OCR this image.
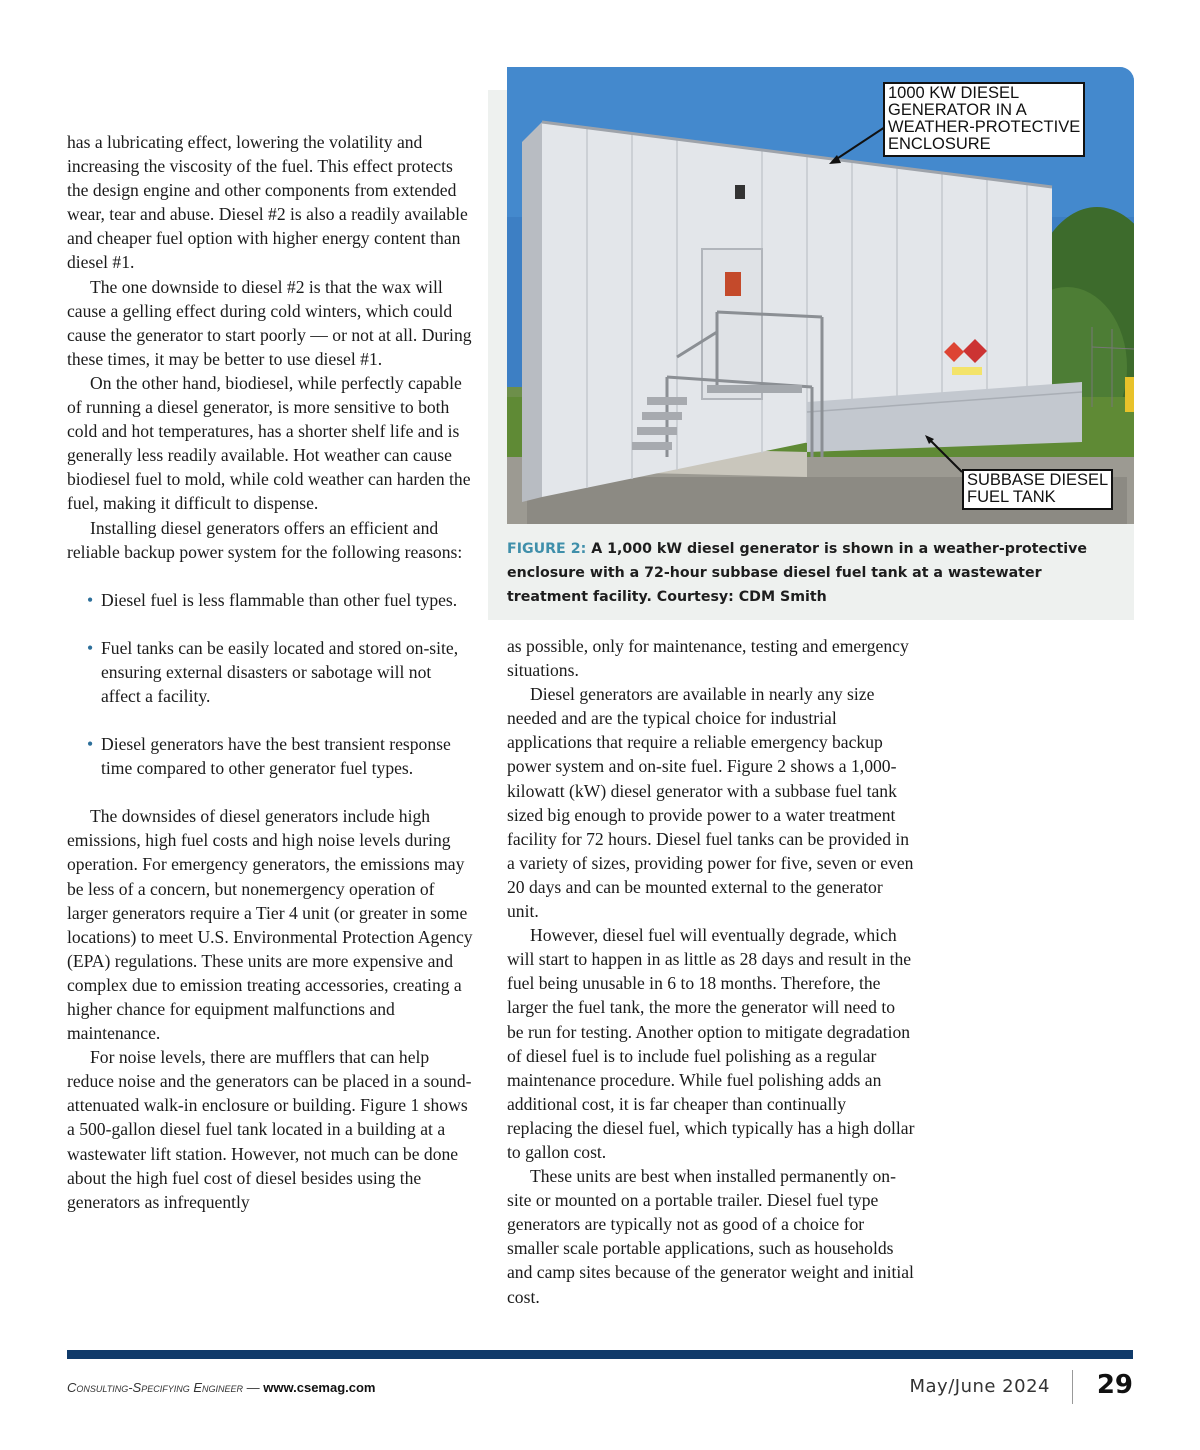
has a lubricating effect, lowering the volatility and increasing the viscosity of the fuel. This effect protects the design engine and other components from extended wear, tear and abuse. Diesel #2 is also a readily available and cheaper fuel option with higher energy content than diesel #1.

The one downside to diesel #2 is that the wax will cause a gelling effect during cold winters, which could cause the generator to start poorly — or not at all. During these times, it may be better to use diesel #1.

On the other hand, biodiesel, while perfectly capable of running a diesel generator, is more sensitive to both cold and hot temperatures, has a shorter shelf life and is generally less readily available. Hot weather can cause biodiesel fuel to mold, while cold weather can harden the fuel, making it difficult to dispense.

Installing diesel generators offers an efficient and reliable backup power system for the following reasons:

• Diesel fuel is less flammable than other fuel types.
• Fuel tanks can be easily located and stored on-site, ensuring external disasters or sabotage will not affect a facility.
• Diesel generators have the best transient response time compared to other generator fuel types.

The downsides of diesel generators include high emissions, high fuel costs and high noise levels during operation. For emergency generators, the emissions may be less of a concern, but nonemergency operation of larger generators require a Tier 4 unit (or greater in some locations) to meet U.S. Environmental Protection Agency (EPA) regulations. These units are more expensive and complex due to emission treating accessories, creating a higher chance for equipment malfunctions and maintenance.

For noise levels, there are mufflers that can help reduce noise and the generators can be placed in a sound-attenuated walk-in enclosure or building. Figure 1 shows a 500-gallon diesel fuel tank located in a building at a wastewater lift station. However, not much can be done about the high fuel cost of diesel besides using the generators as infrequently

1000 KW DIESEL
GENERATOR IN A
WEATHER-PROTECTIVE
ENCLOSURE
SUBBASE DIESEL
FUEL TANK
FIGURE 2: A 1,000 kW diesel generator is shown in a weather-protective enclosure with a 72-hour subbase diesel fuel tank at a wastewater treatment facility. Courtesy: CDM Smith

as possible, only for maintenance, testing and emergency situations.

Diesel generators are available in nearly any size needed and are the typical choice for industrial applications that require a reliable emergency backup power system and on-site fuel. Figure 2 shows a 1,000-kilowatt (kW) diesel generator with a subbase fuel tank sized big enough to provide power to a water treatment facility for 72 hours. Diesel fuel tanks can be provided in a variety of sizes, providing power for five, seven or even 20 days and can be mounted external to the generator unit.

However, diesel fuel will eventually degrade, which will start to happen in as little as 28 days and result in the fuel being unusable in 6 to 18 months. Therefore, the larger the fuel tank, the more the generator will need to be run for testing. Another option to mitigate degradation of diesel fuel is to include fuel polishing as a regular maintenance procedure. While fuel polishing adds an additional cost, it is far cheaper than continually replacing the diesel fuel, which typically has a high dollar to gallon cost.

These units are best when installed permanently on-site or mounted on a portable trailer. Diesel fuel type generators are typically not as good of a choice for smaller scale portable applications, such as households and camp sites because of the generator weight and initial cost.

Consulting-Specifying Engineer — www.csemag.com	May/June 2024 29
